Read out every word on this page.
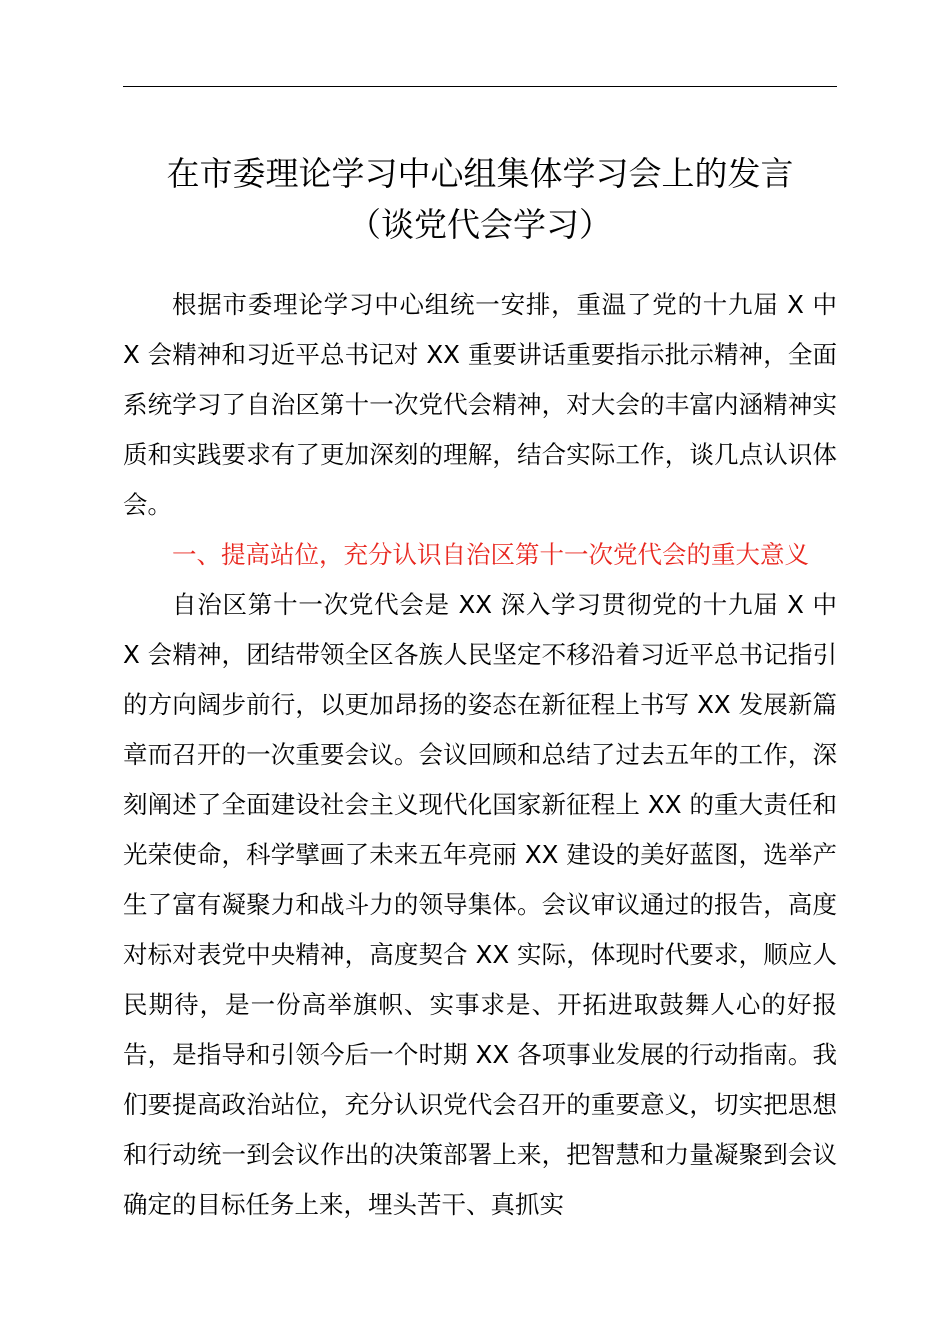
在市委理论学习中心组集体学习会上的发言
（谈党代会学习）

根据市委理论学习中心组统一安排，重温了党的十九届 X 中 X 会精神和习近平总书记对 XX 重要讲话重要指示批示精神，全面系统学习了自治区第十一次党代会精神，对大会的丰富内涵精神实质和实践要求有了更加深刻的理解，结合实际工作，谈几点认识体会。

一、提高站位，充分认识自治区第十一次党代会的重大意义

自治区第十一次党代会是 XX 深入学习贯彻党的十九届 X 中 X 会精神，团结带领全区各族人民坚定不移沿着习近平总书记指引的方向阔步前行，以更加昂扬的姿态在新征程上书写 XX 发展新篇章而召开的一次重要会议。会议回顾和总结了过去五年的工作，深刻阐述了全面建设社会主义现代化国家新征程上 XX 的重大责任和光荣使命，科学擘画了未来五年亮丽 XX 建设的美好蓝图，选举产生了富有凝聚力和战斗力的领导集体。会议审议通过的报告，高度对标对表党中央精神，高度契合 XX 实际，体现时代要求，顺应人民期待，是一份高举旗帜、实事求是、开拓进取鼓舞人心的好报告，是指导和引领今后一个时期 XX 各项事业发展的行动指南。我们要提高政治站位，充分认识党代会召开的重要意义，切实把思想和行动统一到会议作出的决策部署上来，把智慧和力量凝聚到会议确定的目标任务上来，埋头苦干、真抓实
